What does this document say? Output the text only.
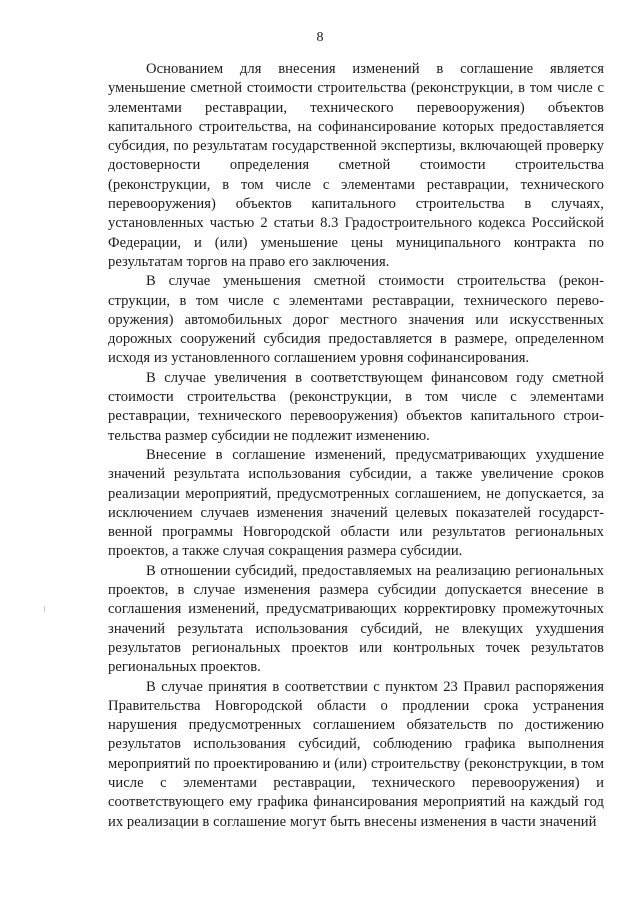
8

Основанием для внесения изменений в соглашение является уменьшение сметной стоимости строительства (реконструкции, в том числе с элементами реставрации, технического перевооружения) объектов капитального строительства, на софинансирование которых предоставляется субсидия, по результатам государственной экспертизы, включающей проверку достоверности определения сметной стоимости строительства (реконструкции, в том числе с элементами реставрации, технического перевооружения) объектов капитального строительства в случаях, установленных частью 2 статьи 8.3 Градостроительного кодекса Российской Федерации, и (или) уменьшение цены муниципального контракта по результатам торгов на право его заключения.

В случае уменьшения сметной стоимости строительства (реконструкции, в том числе с элементами реставрации, технического перевооружения) автомобильных дорог местного значения или искусственных дорожных сооружений субсидия предоставляется в размере, определенном исходя из установленного соглашением уровня софинансирования.

В случае увеличения в соответствующем финансовом году сметной стоимости строительства (реконструкции, в том числе с элементами реставрации, технического перевооружения) объектов капитального строительства размер субсидии не подлежит изменению.

Внесение в соглашение изменений, предусматривающих ухудшение значений результата использования субсидии, а также увеличение сроков реализации мероприятий, предусмотренных соглашением, не допускается, за исключением случаев изменения значений целевых показателей государственной программы Новгородской области или результатов региональных проектов, а также случая сокращения размера субсидии.

В отношении субсидий, предоставляемых на реализацию региональных проектов, в случае изменения размера субсидии допускается внесение в соглашения изменений, предусматривающих корректировку промежуточных значений результата использования субсидий, не влекущих ухудшения результатов региональных проектов или контрольных точек результатов региональных проектов.

В случае принятия в соответствии с пунктом 23 Правил распоряжения Правительства Новгородской области о продлении срока устранения нарушения предусмотренных соглашением обязательств по достижению результатов использования субсидий, соблюдению графика выполнения мероприятий по проектированию и (или) строительству (реконструкции, в том числе с элементами реставрации, технического перевооружения) и соответствующего ему графика финансирования мероприятий на каждый год их реализации в соглашение могут быть внесены изменения в части значений
